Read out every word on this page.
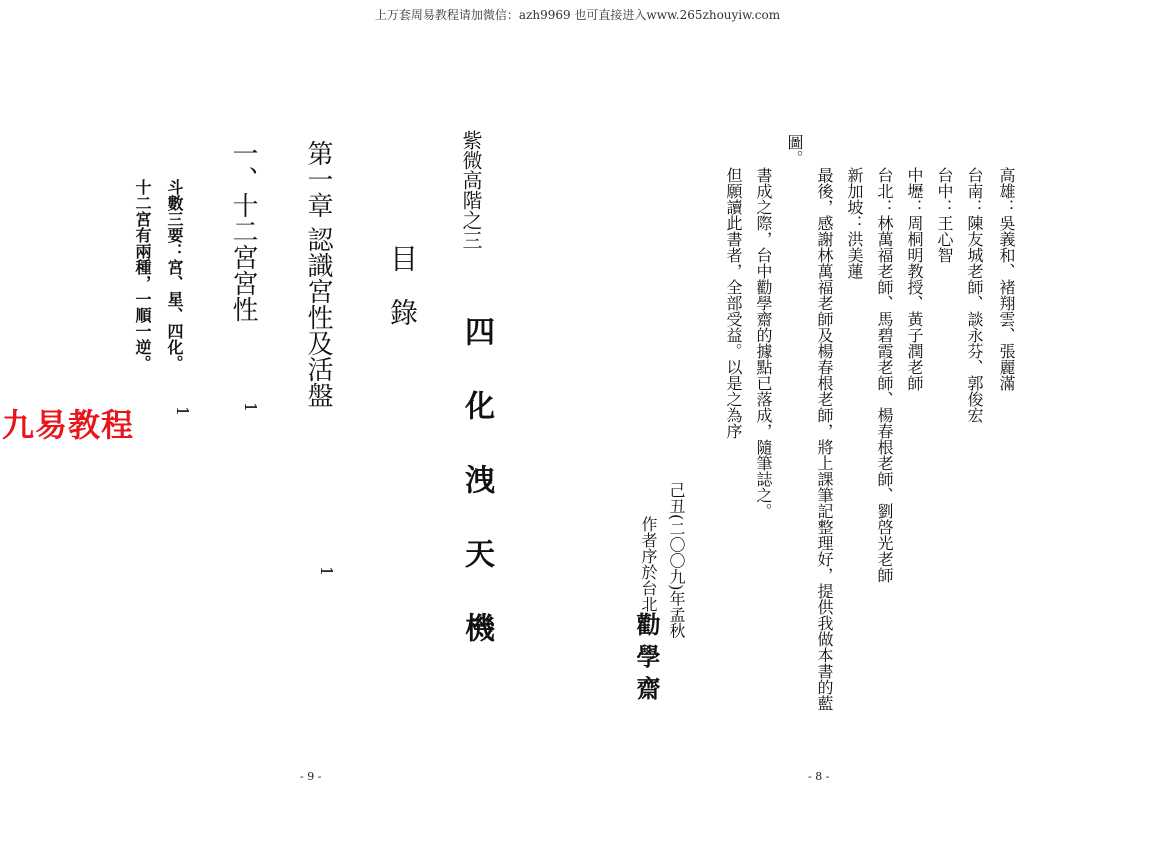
上万套周易教程请加微信：azh9969 也可直接进入www.265zhouyiw.com
高雄：吳義和、褚翔雲、張麗滿
台南：陳友城老師、談永芬、郭俊宏
台中：王心智
中壢：周桐明教授、黃子潤老師
台北：林萬福老師、馬碧霞老師、楊春根老師、劉啓光老師
新加坡：洪美蓮
最後，感謝林萬福老師及楊春根老師，將上課筆記整理好，提供我做本書的藍
圖。
書成之際，台中勸學齋的據點已落成，隨筆誌之。
但願讀此書者，全部受益。以是之為序
己丑(二〇〇九)年孟秋
作者序於台北
勸學齋
- 8 -
紫微高階之三
四化洩天機
目錄
第一章 認識宮性及活盤
1
一、十二宮宮性
1
斗數三要：宮、星、四化。
1
十二宮有兩種，一順一逆。
- 9 -
九易教程
